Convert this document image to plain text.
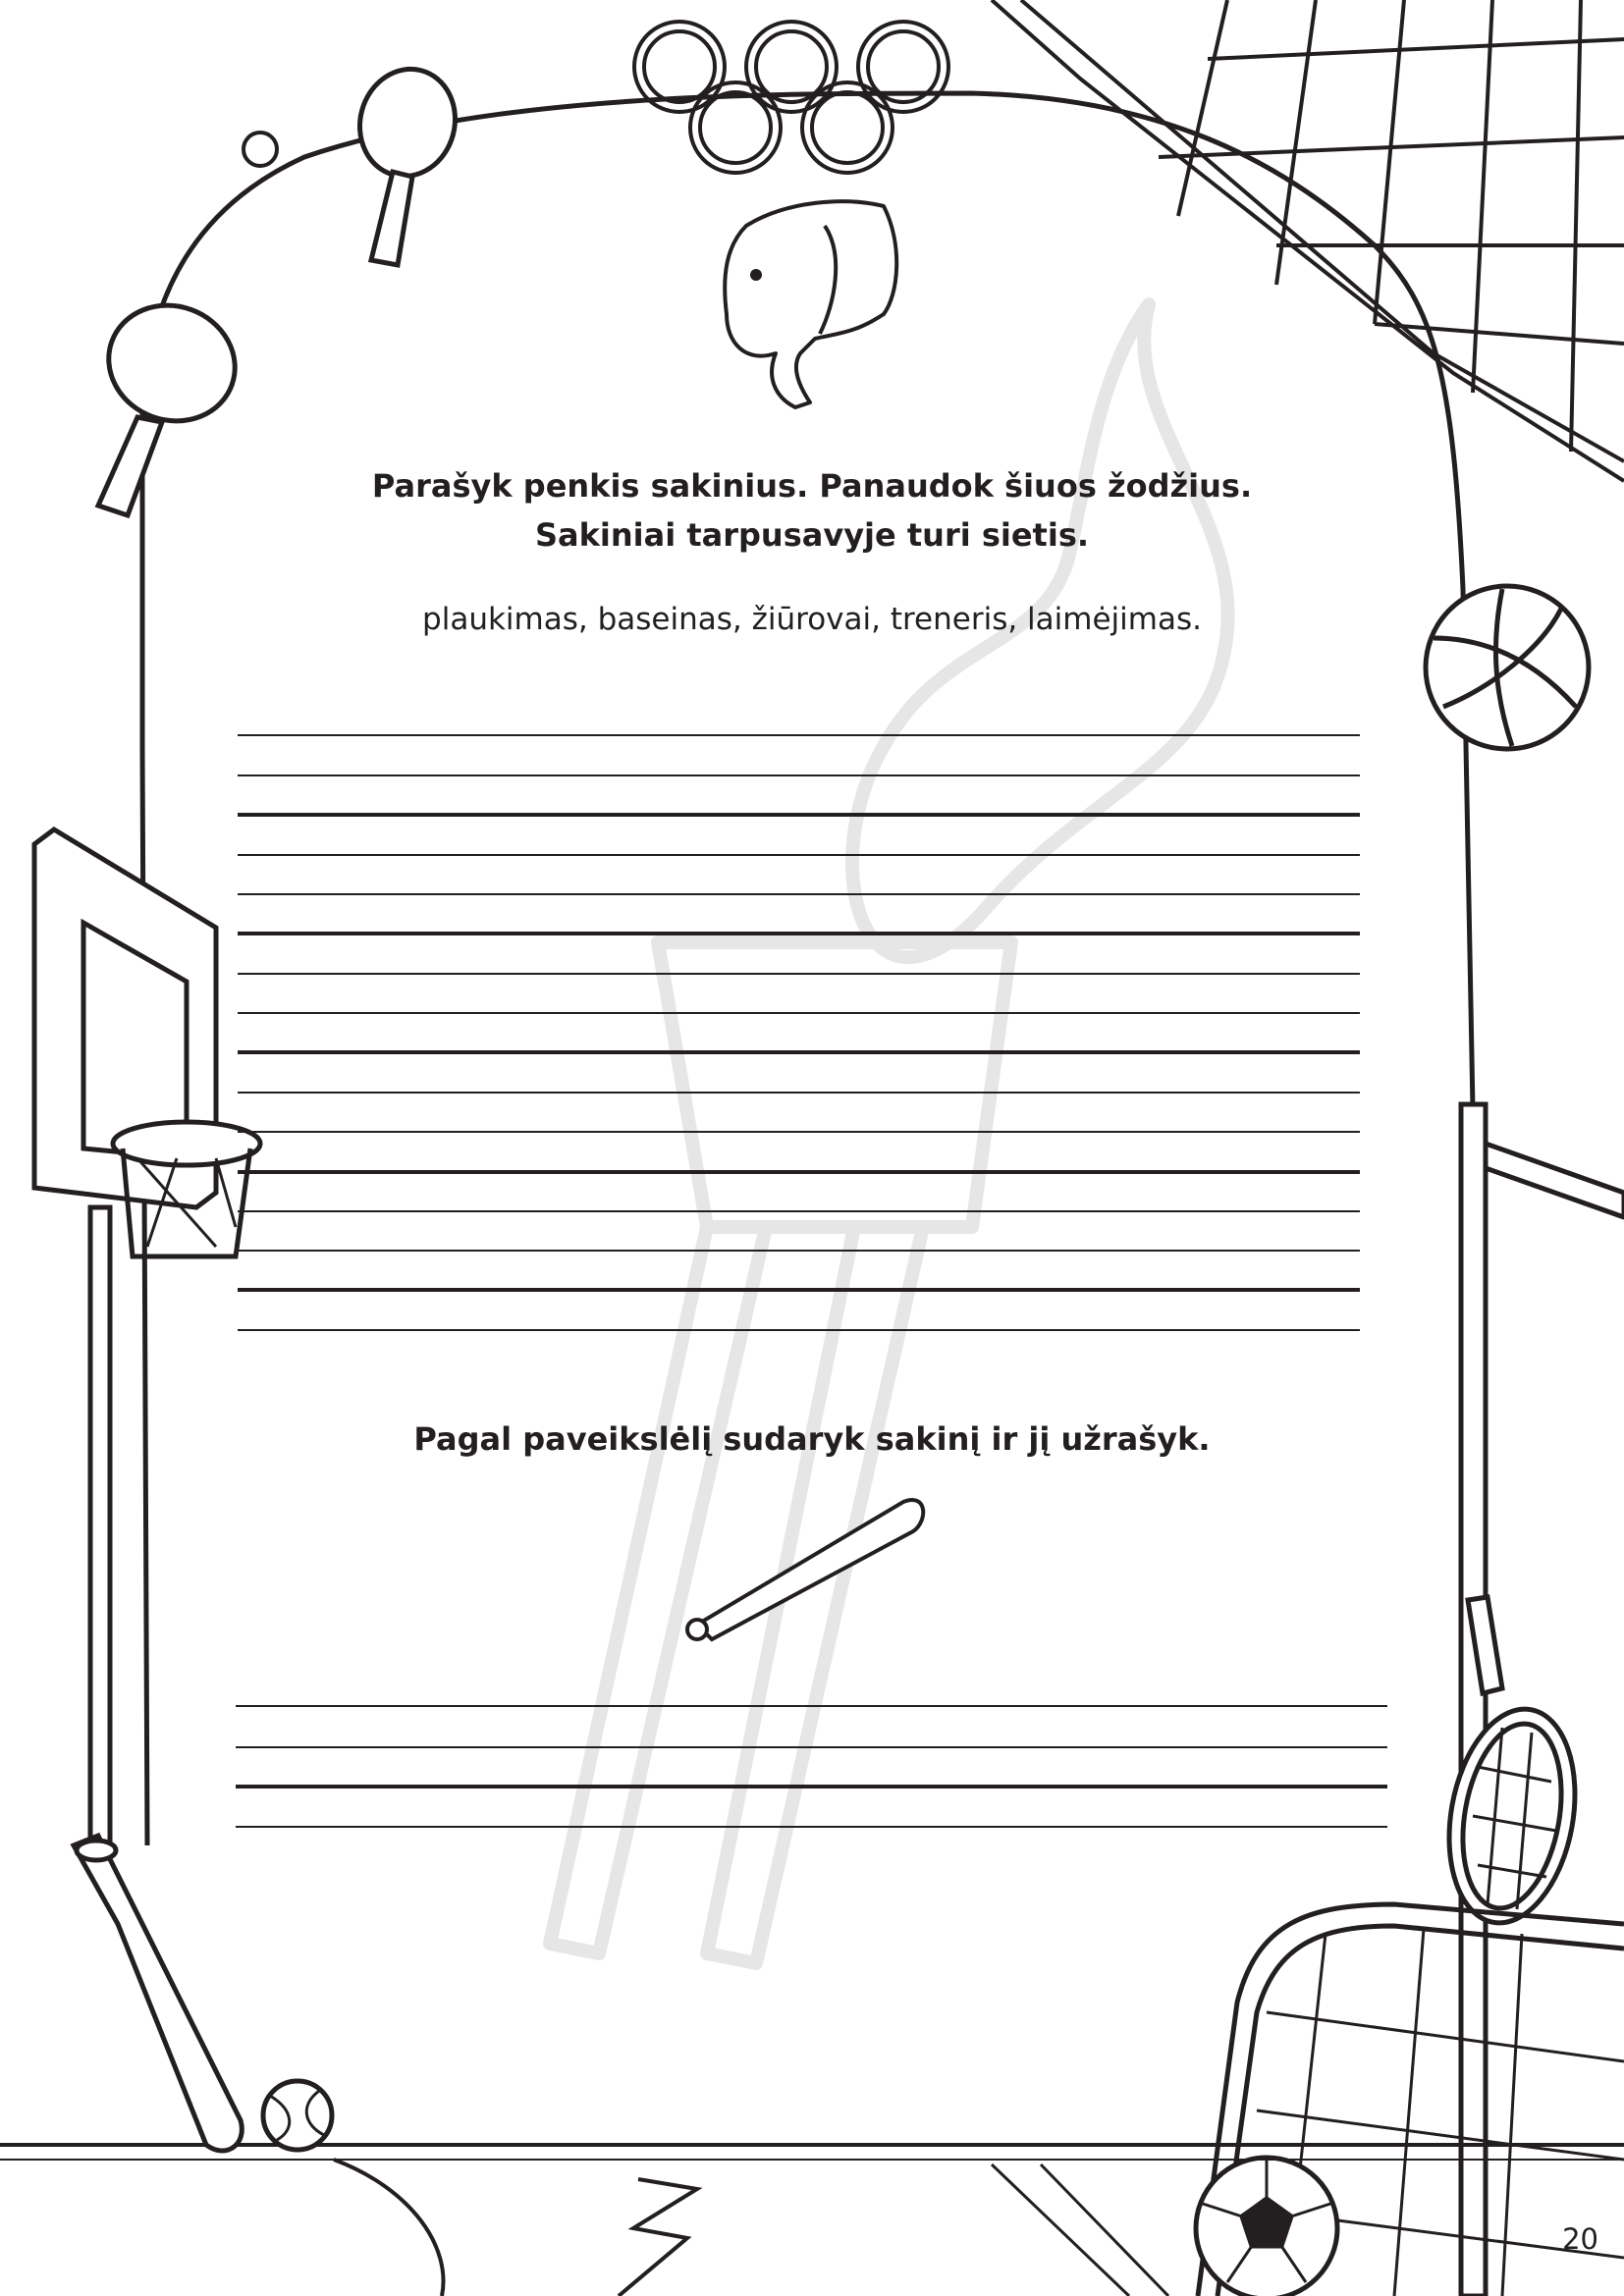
Parašyk penkis sakinius. Panaudok šiuos žodžius.
Sakiniai tarpusavyje turi sietis.
plaukimas, baseinas, žiūrovai, treneris, laimėjimas.
Pagal paveikslėlį sudaryk sakinį ir jį užrašyk.
20
